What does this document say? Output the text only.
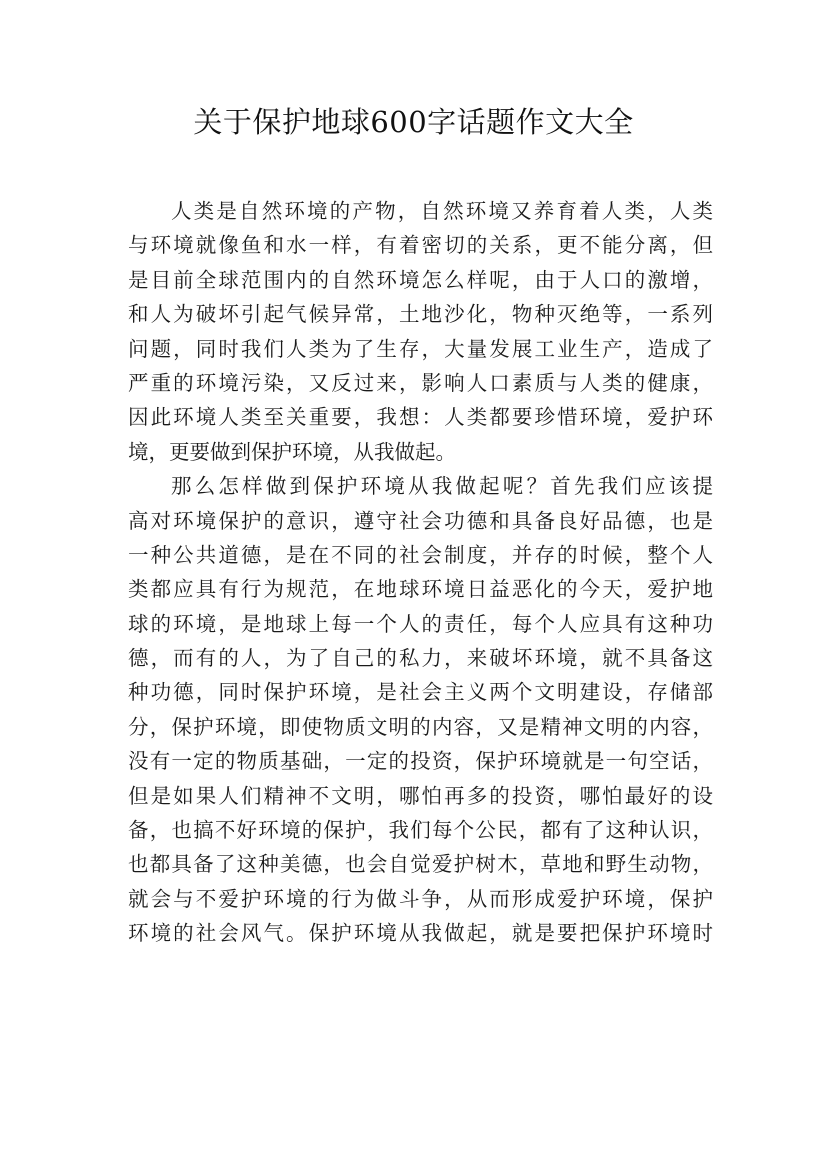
关于保护地球600字话题作文大全
人类是自然环境的产物，自然环境又养育着人类，人类
与环境就像鱼和水一样，有着密切的关系，更不能分离，但
是目前全球范围内的自然环境怎么样呢，由于人口的激增，
和人为破坏引起气候异常，土地沙化，物种灭绝等，一系列
问题，同时我们人类为了生存，大量发展工业生产，造成了
严重的环境污染，又反过来，影响人口素质与人类的健康，
因此环境人类至关重要，我想：人类都要珍惜环境，爱护环
境，更要做到保护环境，从我做起。
那么怎样做到保护环境从我做起呢？首先我们应该提
高对环境保护的意识，遵守社会功德和具备良好品德，也是
一种公共道德，是在不同的社会制度，并存的时候，整个人
类都应具有行为规范，在地球环境日益恶化的今天，爱护地
球的环境，是地球上每一个人的责任，每个人应具有这种功
德，而有的人，为了自己的私力，来破坏环境，就不具备这
种功德，同时保护环境，是社会主义两个文明建设，存储部
分，保护环境，即使物质文明的内容，又是精神文明的内容，
没有一定的物质基础，一定的投资，保护环境就是一句空话，
但是如果人们精神不文明，哪怕再多的投资，哪怕最好的设
备，也搞不好环境的保护，我们每个公民，都有了这种认识，
也都具备了这种美德，也会自觉爱护树木，草地和野生动物，
就会与不爱护环境的行为做斗争，从而形成爱护环境，保护
环境的社会风气。保护环境从我做起，就是要把保护环境时
